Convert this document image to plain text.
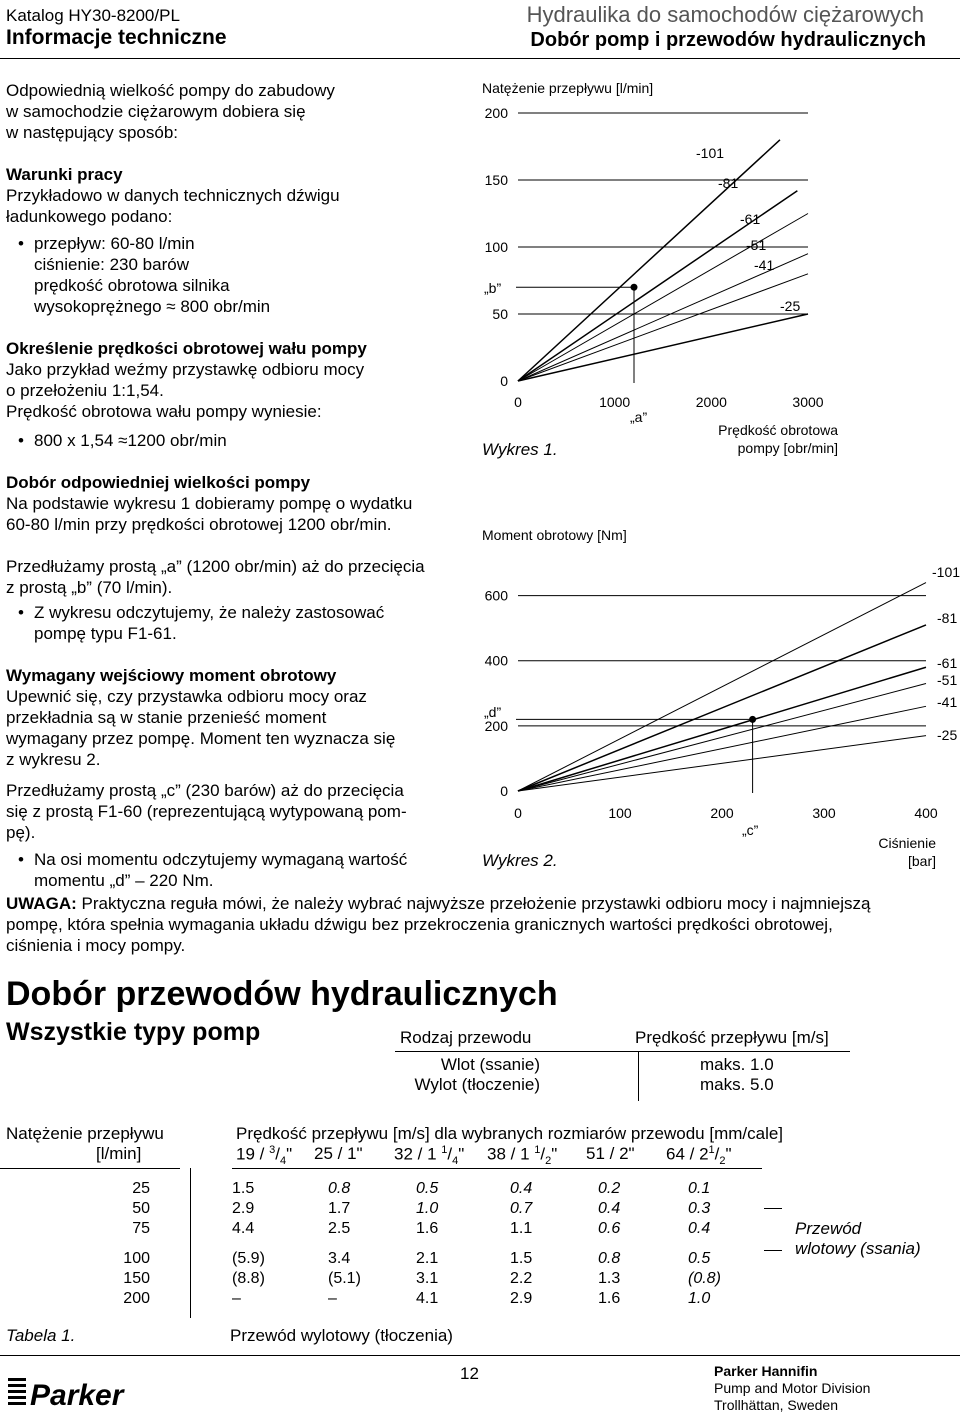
Katalog HY30-8200/PL
Informacje techniczne
Hydraulika do samochodów ciężarowych
Dobór pomp i przewodów hydraulicznych
Odpowiednią wielkość pompy do zabudowy
w samochodzie ciężarowym dobiera się
w następujący sposób:
Warunki pracy
Przykładowo w danych technicznych dźwigu
ładunkowego podano:
• przepływ: 60-80 l/min
ciśnienie: 230 barów
prędkość obrotowa silnika
wysokoprężnego ≈ 800 obr/min
Określenie prędkości obrotowej wału pompy
Jako przykład weźmy przystawkę odbioru mocy
o przełożeniu 1:1,54.
Prędkość obrotowa wału pompy wyniesie:
• 800 x 1,54 ≈1200 obr/min
Dobór odpowiedniej wielkości pompy
Na podstawie wykresu 1 dobieramy pompę o wydatku
60-80 l/min przy prędkości obrotowej 1200 obr/min.
Przedłużamy prostą „a” (1200 obr/min) aż do przecięcia
z prostą „b” (70 l/min).
• Z wykresu odczytujemy, że należy zastosować
pompę typu F1-61.
Wymagany wejściowy moment obrotowy
Upewnić się, czy przystawka odbioru mocy oraz
przekładnia są w stanie przenieść moment
wymagany przez pompę. Moment ten wyznacza się
z wykresu 2.
Przedłużamy prostą „c” (230 barów) aż do przecięcia
się z prostą F1-60 (reprezentującą wytypowaną pom-
pę).
• Na osi momentu odczytujemy wymaganą wartość
momentu „d” – 220 Nm.
Natężenie przepływu [l/min]
0
50
100
150
200
0	1000	2000	3000
-101
-81
-61
-51
-41
-25
„a”
„b”
Prędkość obrotowa
pompy [obr/min]
Wykres 1.
Moment obrotowy [Nm]
0
200
400
600
0	100	200	300	400
-101
-81
-61
-51
-41
-25
„c”
„d”
Ciśnienie
[bar]
Wykres 2.
UWAGA: Praktyczna reguła mówi, że należy wybrać najwyższe przełożenie przystawki odbioru mocy i najmniejszą
pompę, która spełnia wymagania układu dźwigu bez przekroczenia granicznych wartości prędkości obrotowej,
ciśnienia i mocy pompy.
Dobór przewodów hydraulicznych
Wszystkie typy pomp	Rodzaj przewodu	Prędkość przepływu [m/s]
Wlot (ssanie)	maks. 1.0
Wylot (tłoczenie)	maks. 5.0
Natężenie przepływu
[l/min]
Prędkość przepływu [m/s] dla wybranych rozmiarów przewodu [mm/cale]
$19 / ^3/_4$" 25 / 1" 32 / 1 $^1/_4$" 38 / 1 $^1/_2$" 51 / 2" $64 / 2^1/_2$"
25	1.5	0.8	0.5	0.4	0.2	0.1
50	2.9	1.7	1.0	0.7	0.4	0.3
75	4.4	2.5	1.6	1.1	0.6	0.4
100	(5.9)	3.4	2.1	1.5	0.8	0.5
150	(8.8)	(5.1)	3.1	2.2	1.3	(0.8)
200	–	–	4.1	2.9	1.6	1.0
Przewód
wlotowy (ssania)
Tabela 1.	Przewód wylotowy (tłoczenia)
12
Parker
Parker Hannifin
Pump and Motor Division
Trollhättan, Sweden
